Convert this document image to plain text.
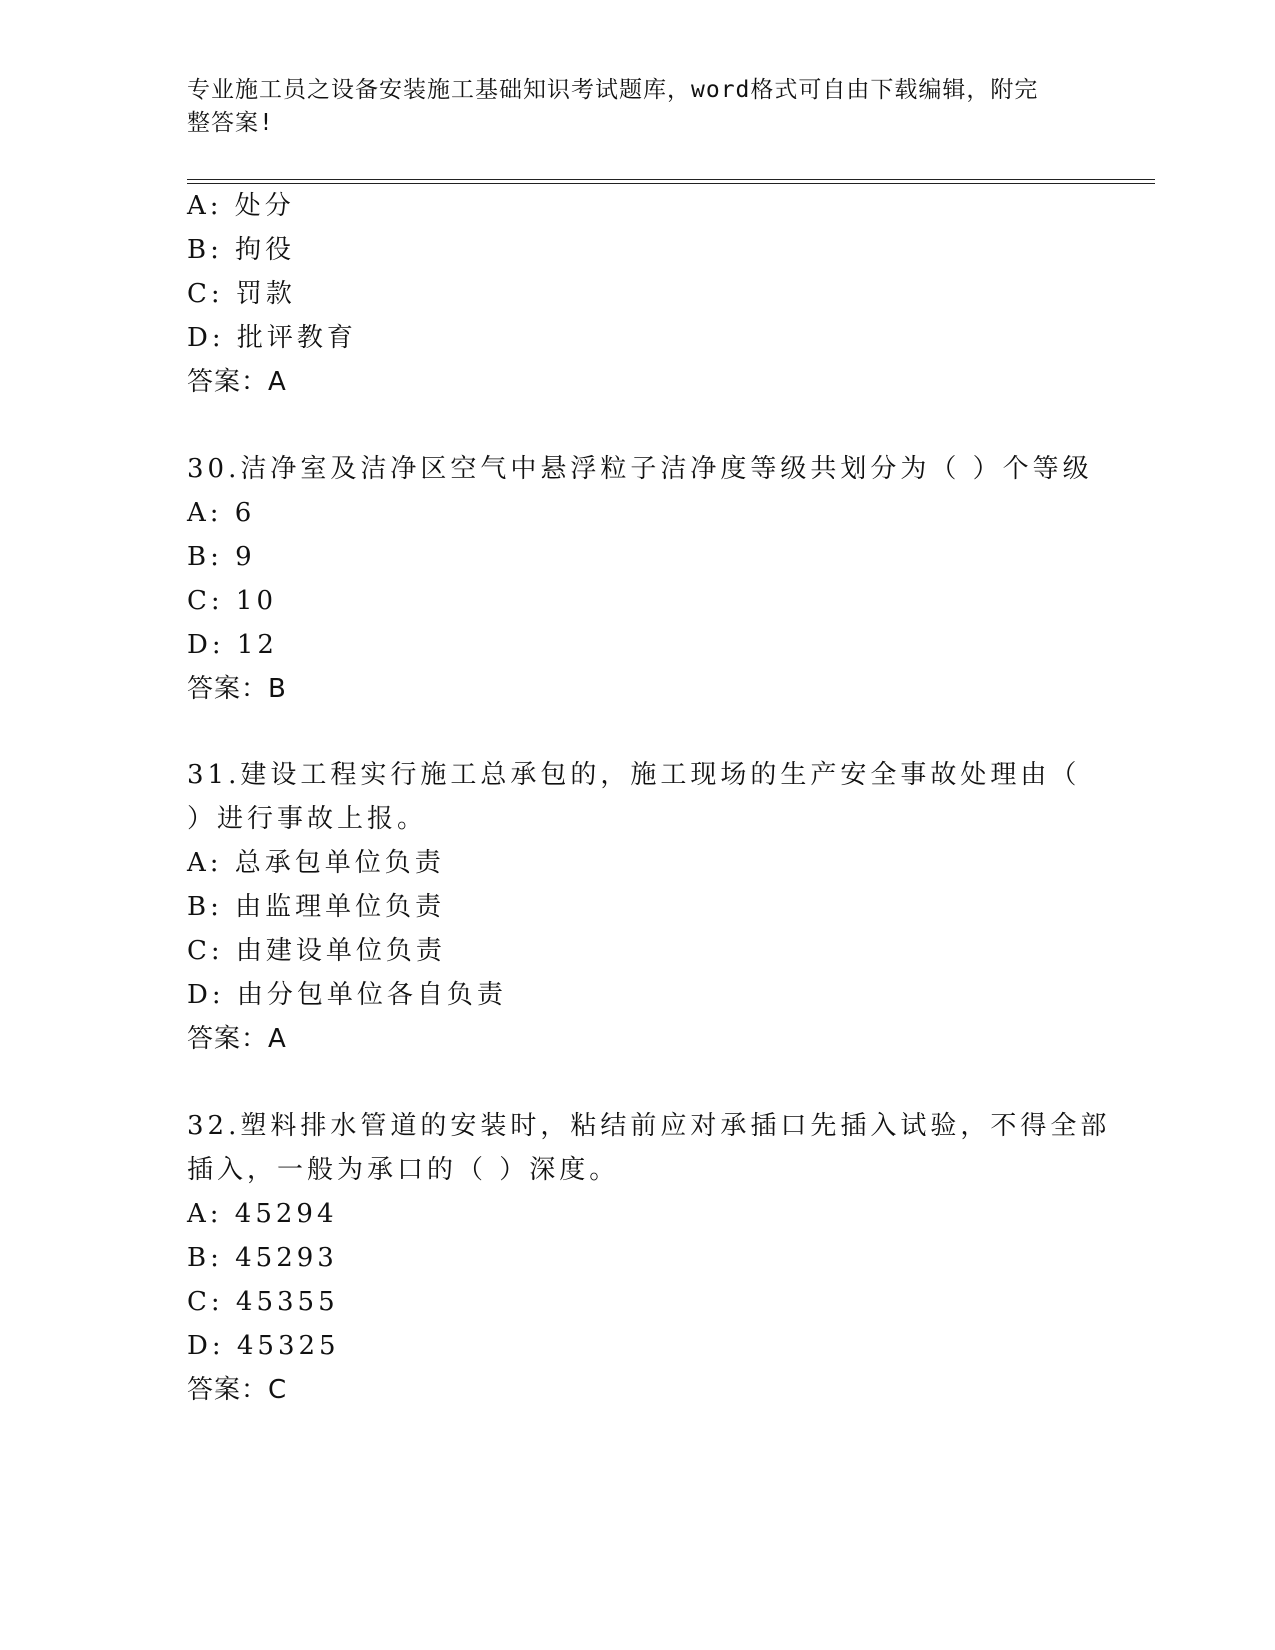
专业施工员之设备安装施工基础知识考试题库，word格式可自由下载编辑，附完
整答案!
A: 处分
B: 拘役
C: 罚款
D: 批评教育
答案：A
30.洁净室及洁净区空气中悬浮粒子洁净度等级共划分为（ ）个等级
A: 6
B: 9
C: 10
D: 12
答案：B
31.建设工程实行施工总承包的，施工现场的生产安全事故处理由（
）进行事故上报。
A: 总承包单位负责
B: 由监理单位负责
C: 由建设单位负责
D: 由分包单位各自负责
答案：A
32.塑料排水管道的安装时，粘结前应对承插口先插入试验，不得全部
插入，一般为承口的（ ）深度。
A: 45294
B: 45293
C: 45355
D: 45325
答案：C
